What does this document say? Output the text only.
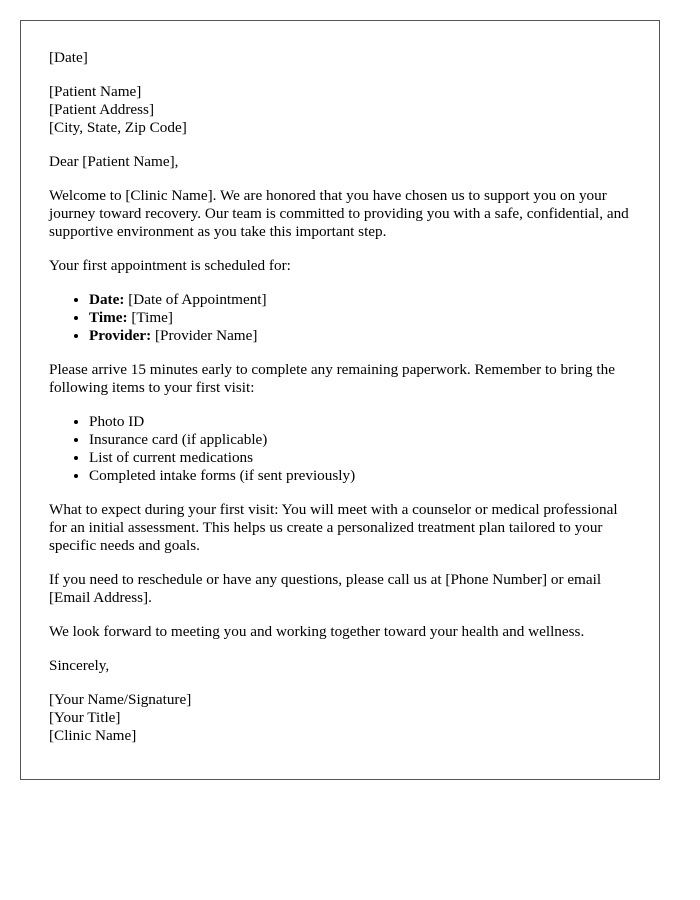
[Date]

[Patient Name]
[Patient Address]
[City, State, Zip Code]

Dear [Patient Name],

Welcome to [Clinic Name]. We are honored that you have chosen us to support you on your journey toward recovery. Our team is committed to providing you with a safe, confidential, and supportive environment as you take this important step.

Your first appointment is scheduled for:

• Date: [Date of Appointment]
• Time: [Time]
• Provider: [Provider Name]

Please arrive 15 minutes early to complete any remaining paperwork. Remember to bring the following items to your first visit:

• Photo ID
• Insurance card (if applicable)
• List of current medications
• Completed intake forms (if sent previously)

What to expect during your first visit: You will meet with a counselor or medical professional for an initial assessment. This helps us create a personalized treatment plan tailored to your specific needs and goals.

If you need to reschedule or have any questions, please call us at [Phone Number] or email [Email Address].

We look forward to meeting you and working together toward your health and wellness.

Sincerely,

[Your Name/Signature]
[Your Title]
[Clinic Name]
